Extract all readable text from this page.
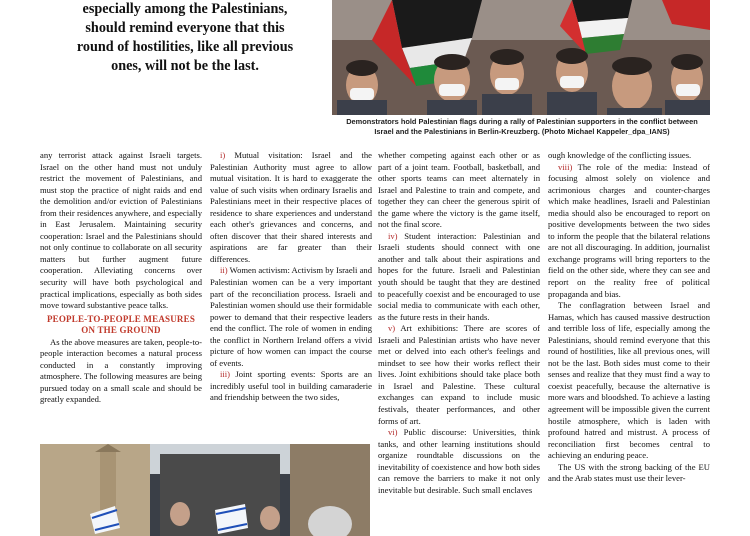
especially among the Palestinians,
should remind everyone that this
round of hostilities, like all previous
ones, will not be the last.
Demonstrators hold Palestinian flags during a rally of Palestinian supporters in the conflict between
Israel and the Palestinians in Berlin-Kreuzberg. (Photo Michael Kappeler_dpa_IANS)

any terrorist attack against Israeli targets. Israel on the other hand must not unduly restrict the movement of Palestinians, and must stop the practice of night raids and end the demolition and/or eviction of Palestinians from their residences anywhere, and especially in East Jerusalem. Maintaining security cooperation: Israel and the Palestinians should not only continue to collaborate on all security matters but further augment future cooperation. Alleviating concerns over security will have both psychological and practical implications, especially as both sides move toward substantive peace talks.

PEOPLE-TO-PEOPLE MEASURES
ON THE GROUND

As the above measures are taken, people-to-people interaction becomes a natural process conducted in a constantly improving atmosphere. The following measures are being pursued today on a small scale and should be greatly expanded.

i) Mutual visitation: Israel and the Palestinian Authority must agree to allow mutual visitation. It is hard to exaggerate the value of such visits when ordinary Israelis and Palestinians meet in their respective places of residence to share experiences and understand each other's grievances and concerns, and often discover that their shared interests and aspirations are far greater than their differences.

ii) Women activism: Activism by Israeli and Palestinian women can be a very important part of the reconciliation process. Israeli and Palestinian women should use their formidable power to demand that their respective leaders end the conflict. The role of women in ending the conflict in Northern Ireland offers a vivid picture of how women can impact the course of events.

iii) Joint sporting events: Sports are an incredibly useful tool in building camaraderie and friendship between the two sides,

whether competing against each other or as part of a joint team. Football, basketball, and other sports teams can meet alternately in Israel and Palestine to train and compete, and together they can cheer the generous spirit of the game where the victory is the game itself, not the final score.

iv) Student interaction: Palestinian and Israeli students should connect with one another and talk about their aspirations and hopes for the future. Israeli and Palestinian youth should be taught that they are destined to peacefully coexist and be encouraged to use social media to communicate with each other, as the future rests in their hands.

v) Art exhibitions: There are scores of Israeli and Palestinian artists who have never met or delved into each other's feelings and mindset to see how their works reflect their lives. Joint exhibitions should take place both in Israel and Palestine. These cultural exchanges can expand to include music festivals, theater performances, and other forms of art.

vi) Public discourse: Universities, think tanks, and other learning institutions should organize roundtable discussions on the inevitability of coexistence and how both sides can remove the barriers to make it not only inevitable but desirable. Such small enclaves

ough knowledge of the conflicting issues.

viii) The role of the media: Instead of focusing almost solely on violence and acrimonious charges and counter-charges which make headlines, Israeli and Palestinian media should also be encouraged to report on positive developments between the two sides to inform the people that the bilateral relations are not all discouraging. In addition, journalist exchange programs will bring reporters to the field on the other side, where they can see and report on the reality free of political propaganda and bias.

The conflagration between Israel and Hamas, which has caused massive destruction and terrible loss of life, especially among the Palestinians, should remind everyone that this round of hostilities, like all previous ones, will not be the last. Both sides must come to their senses and realize that they must find a way to coexist peacefully, because the alternative is more wars and bloodshed. To achieve a lasting agreement will be impossible given the current hostile atmosphere, which is laden with profound hatred and mistrust. A process of reconciliation first becomes central to achieving an enduring peace.

The US with the strong backing of the EU and the Arab states must use their lever-
